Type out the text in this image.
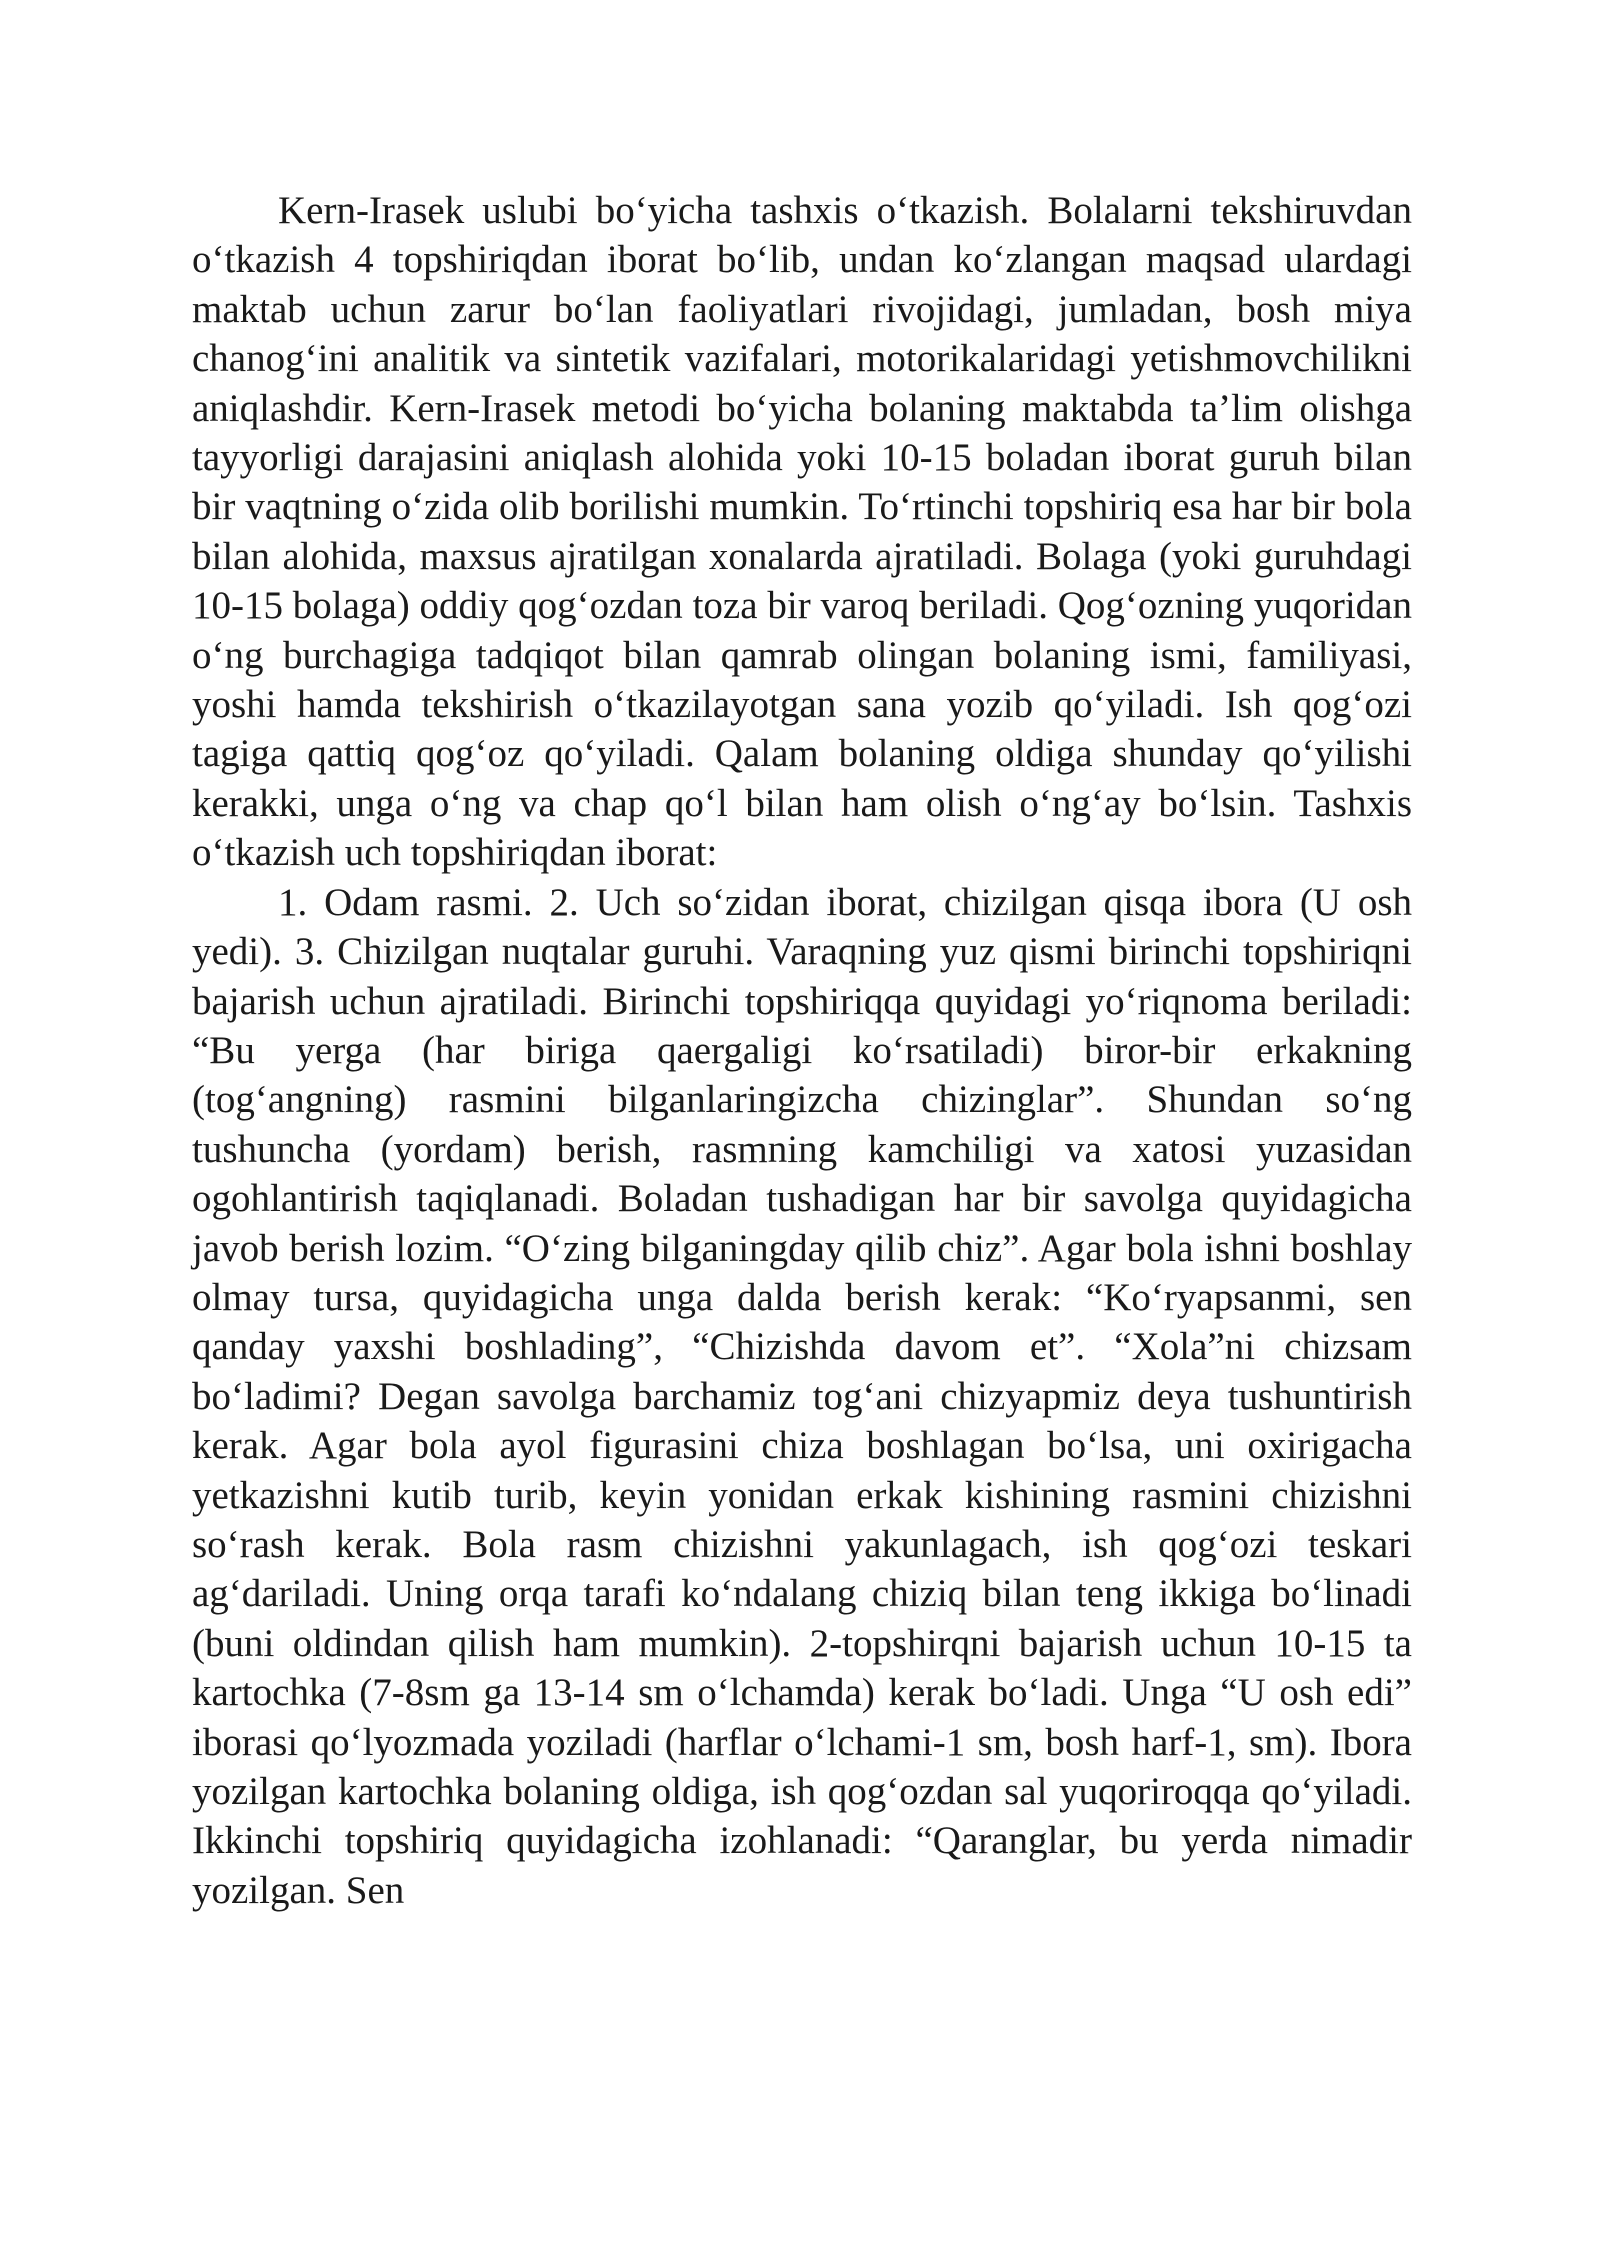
Kern-Irasek uslubi bo‘yicha tashxis o‘tkazish. Bolalarni tekshiruvdan o‘tkazish 4 topshiriqdan iborat bo‘lib, undan ko‘zlangan maqsad ulardagi maktab uchun zarur bo‘lan faoliyatlari rivojidagi, jumladan, bosh miya chanog‘ini analitik va sintetik vazifalari, motorikalaridagi yetishmovchilikni aniqlashdir. Kern-Irasek metodi bo‘yicha bolaning maktabda ta’lim olishga tayyorligi darajasini aniqlash alohida yoki 10-15 boladan iborat guruh bilan bir vaqtning o‘zida olib borilishi mumkin. To‘rtinchi topshiriq esa har bir bola bilan alohida, maxsus ajratilgan xonalarda ajratiladi. Bolaga (yoki guruhdagi 10-15 bolaga) oddiy qog‘ozdan toza bir varoq beriladi. Qog‘ozning yuqoridan o‘ng burchagiga tadqiqot bilan qamrab olingan bolaning ismi, familiyasi, yoshi hamda tekshirish o‘tkazilayotgan sana yozib qo‘yiladi. Ish qog‘ozi tagiga qattiq qog‘oz qo‘yiladi. Qalam bolaning oldiga shunday qo‘yilishi kerakki, unga o‘ng va chap qo‘l bilan ham olish o‘ng‘ay bo‘lsin. Tashxis o‘tkazish uch topshiriqdan iborat:

1. Odam rasmi. 2. Uch so‘zidan iborat, chizilgan qisqa ibora (U osh yedi). 3. Chizilgan nuqtalar guruhi. Varaqning yuz qismi birinchi topshiriqni bajarish uchun ajratiladi. Birinchi topshiriqqa quyidagi yo‘riqnoma beriladi: “Bu yerga (har biriga qaergaligi ko‘rsatiladi) biror-bir erkakning (tog‘angning) rasmini bilganlaringizcha chizinglar”. Shundan so‘ng tushuncha (yordam) berish, rasmning kamchiligi va xatosi yuzasidan ogohlantirish taqiqlanadi. Boladan tushadigan har bir savolga quyidagicha javob berish lozim. “O‘zing bilganingday qilib chiz”. Agar bola ishni boshlay olmay tursa, quyidagicha unga dalda berish kerak: “Ko‘ryapsanmi, sen qanday yaxshi boshlading”, “Chizishda davom et”. “Xola”ni chizsam bo‘ladimi? Degan savolga barchamiz tog‘ani chizyapmiz deya tushuntirish kerak. Agar bola ayol figurasini chiza boshlagan bo‘lsa, uni oxirigacha yetkazishni kutib turib, keyin yonidan erkak kishining rasmini chizishni so‘rash kerak. Bola rasm chizishni yakunlagach, ish qog‘ozi teskari ag‘dariladi. Uning orqa tarafi ko‘ndalang chiziq bilan teng ikkiga bo‘linadi (buni oldindan qilish ham mumkin). 2-topshirqni bajarish uchun 10-15 ta kartochka (7-8sm ga 13-14 sm o‘lchamda) kerak bo‘ladi. Unga “U osh edi” iborasi qo‘lyozmada yoziladi (harflar o‘lchami-1 sm, bosh harf-1, sm). Ibora yozilgan kartochka bolaning oldiga, ish qog‘ozdan sal yuqoriroqqa qo‘yiladi. Ikkinchi topshiriq quyidagicha izohlanadi: “Qaranglar, bu yerda nimadir yozilgan. Sen
